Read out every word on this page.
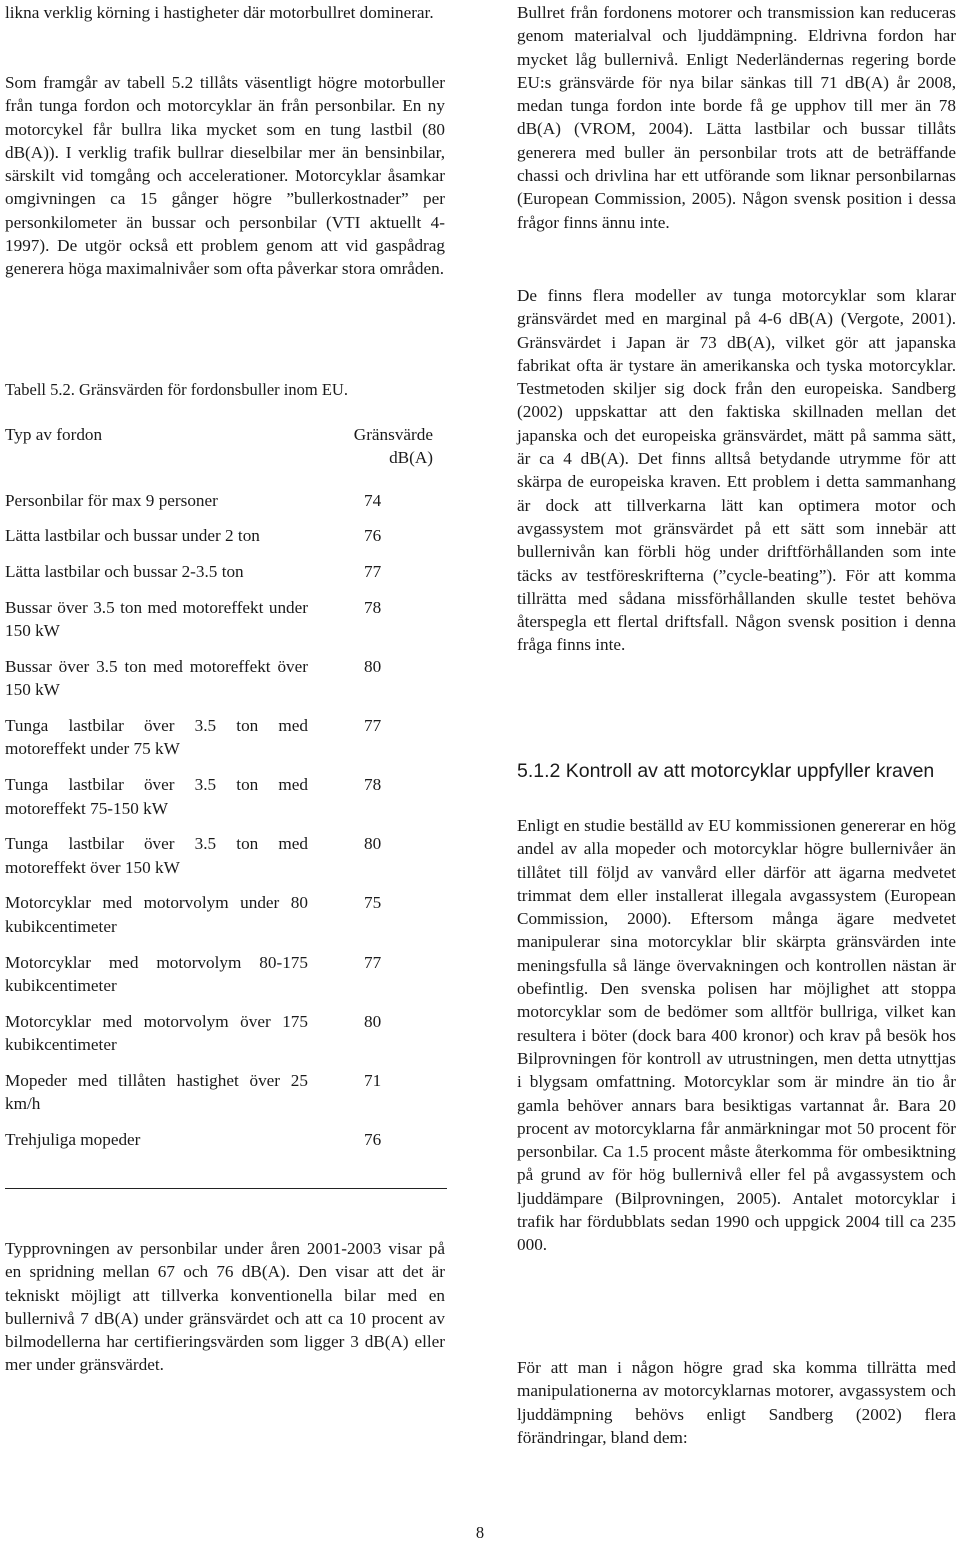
likna verklig körning i hastigheter där motorbullret dominerar.

Som framgår av tabell 5.2 tillåts väsentligt högre motorbuller från tunga fordon och motorcyklar än från personbilar. En ny motorcykel får bullra lika mycket som en tung lastbil (80 dB(A)). I verklig trafik bullrar dieselbilar mer än bensinbilar, särskilt vid tomgång och accelerationer. Motorcyklar åsamkar omgivningen ca 15 gånger högre ”bullerkostnader” per personkilometer än bussar och personbilar (VTI aktuellt 4-1997). De utgör också ett problem genom att vid gaspådrag generera höga maximalnivåer som ofta påverkar stora områden.

Tabell 5.2. Gränsvärden för fordonsbuller inom EU.

Typ av fordon	Gränsvärde dB(A)
Personbilar för max 9 personer	74
Lätta lastbilar och bussar under 2 ton	76
Lätta lastbilar och bussar 2-3.5 ton	77
Bussar över 3.5 ton med motoreffekt under 150 kW	78
Bussar över 3.5 ton med motoreffekt över 150 kW	80
Tunga lastbilar över 3.5 ton med motoreffekt under 75 kW	77
Tunga lastbilar över 3.5 ton med motoreffekt 75-150 kW	78
Tunga lastbilar över 3.5 ton med motoreffekt över 150 kW	80
Motorcyklar med motorvolym under 80 kubikcentimeter	75
Motorcyklar med motorvolym 80-175 kubikcentimeter	77
Motorcyklar med motorvolym över 175 kubikcentimeter	80
Mopeder med tillåten hastighet över 25 km/h	71
Trehjuliga mopeder	76

Typprovningen av personbilar under åren 2001-2003 visar på en spridning mellan 67 och 76 dB(A). Den visar att det är tekniskt möjligt att tillverka konventionella bilar med en bullernivå 7 dB(A) under gränsvärdet och att ca 10 procent av bilmodellerna har certifieringsvärden som ligger 3 dB(A) eller mer under gränsvärdet.

Bullret från fordonens motorer och transmission kan reduceras genom materialval och ljuddämpning. Eldrivna fordon har mycket låg bullernivå. Enligt Nederländernas regering borde EU:s gränsvärde för nya bilar sänkas till 71 dB(A) år 2008, medan tunga fordon inte borde få ge upphov till mer än 78 dB(A) (VROM, 2004). Lätta lastbilar och bussar tillåts generera med buller än personbilar trots att de beträffande chassi och drivlina har ett utförande som liknar personbilarnas (European Commission, 2005). Någon svensk position i dessa frågor finns ännu inte.

De finns flera modeller av tunga motorcyklar som klarar gränsvärdet med en marginal på 4-6 dB(A) (Vergote, 2001). Gränsvärdet i Japan är 73 dB(A), vilket gör att japanska fabrikat ofta är tystare än amerikanska och tyska motorcyklar. Testmetoden skiljer sig dock från den europeiska. Sandberg (2002) uppskattar att den faktiska skillnaden mellan det japanska och det europeiska gränsvärdet, mätt på samma sätt, är ca 4 dB(A). Det finns alltså betydande utrymme för att skärpa de europeiska kraven. Ett problem i detta sammanhang är dock att tillverkarna lätt kan optimera motor och avgassystem mot gränsvärdet på ett sätt som innebär att bullernivån kan förbli hög under driftförhållanden som inte täcks av testföreskrifterna (”cycle-beating”). För att komma tillrätta med sådana missförhållanden skulle testet behöva återspegla ett flertal driftsfall. Någon svensk position i denna fråga finns inte.

5.1.2 Kontroll av att motorcyklar uppfyller kraven

Enligt en studie beställd av EU kommissionen genererar en hög andel av alla mopeder och motorcyklar högre bullernivåer än tillåtet till följd av vanvård eller därför att ägarna medvetet trimmat dem eller installerat illegala avgassystem (European Commission, 2000). Eftersom många ägare medvetet manipulerar sina motorcyklar blir skärpta gränsvärden inte meningsfulla så länge övervakningen och kontrollen nästan är obefintlig. Den svenska polisen har möjlighet att stoppa motorcyklar som de bedömer som alltför bullriga, vilket kan resultera i böter (dock bara 400 kronor) och krav på besök hos Bilprovningen för kontroll av utrustningen, men detta utnyttjas i blygsam omfattning. Motorcyklar som är mindre än tio år gamla behöver annars bara besiktigas vartannat år. Bara 20 procent av motorcyklarna får anmärkningar mot 50 procent för personbilar. Ca 1.5 procent måste återkomma för ombesiktning på grund av för hög bullernivå eller fel på avgassystem och ljuddämpare (Bilprovningen, 2005). Antalet motorcyklar i trafik har fördubblats sedan 1990 och uppgick 2004 till ca 235 000.

För att man i någon högre grad ska komma tillrätta med manipulationerna av motorcyklarnas motorer, avgassystem och ljuddämpning behövs enligt Sandberg (2002) flera förändringar, bland dem:

8
